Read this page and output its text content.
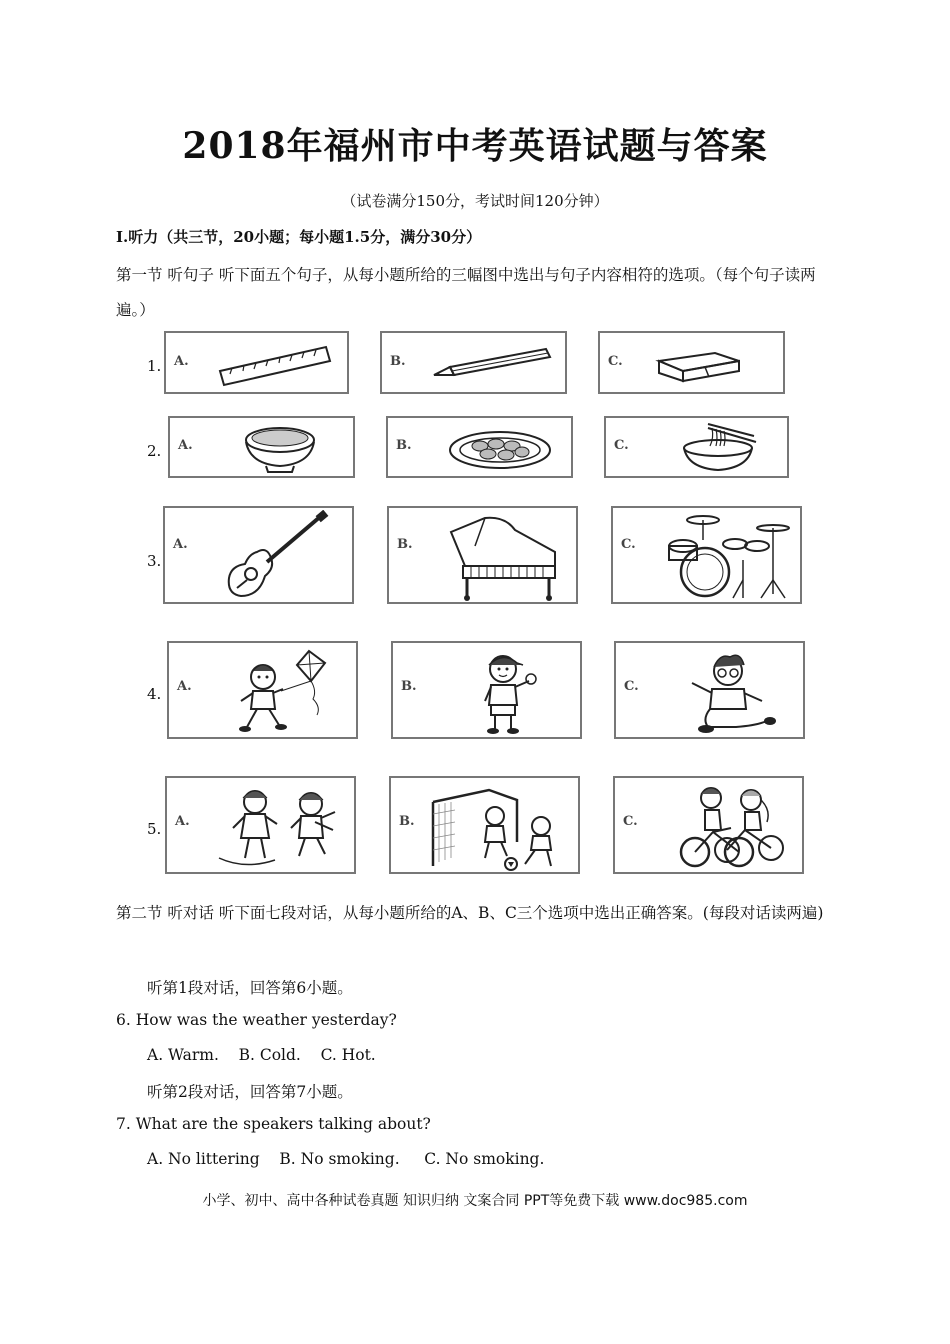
2018年福州市中考英语试题与答案
（试卷满分150分，考试时间120分钟）
I.听力（共三节，20小题；每小题1.5分，满分30分）
第一节 听句子 听下面五个句子，从每小题所给的三幅图中选出与句子内容相符的选项。（每个句子读两遍。）
1. A.	B.	C.
2. A.	B.	C.
3.
A.	B.	C.
4. A.	B.	C.
5. A.	B.	C.
第二节 听对话 听下面七段对话，从每小题所给的A、B、C三个选项中选出正确答案。(每段对话读两遍)
听第1段对话，回答第6小题。
6. How was the weather yesterday?
A. Warm.    B. Cold.    C. Hot.
听第2段对话，回答第7小题。
7. What are the speakers talking about?
A. No littering    B. No smoking.     C. No smoking.
小学、初中、高中各种试卷真题 知识归纳 文案合同 PPT等免费下载 www.doc985.com
